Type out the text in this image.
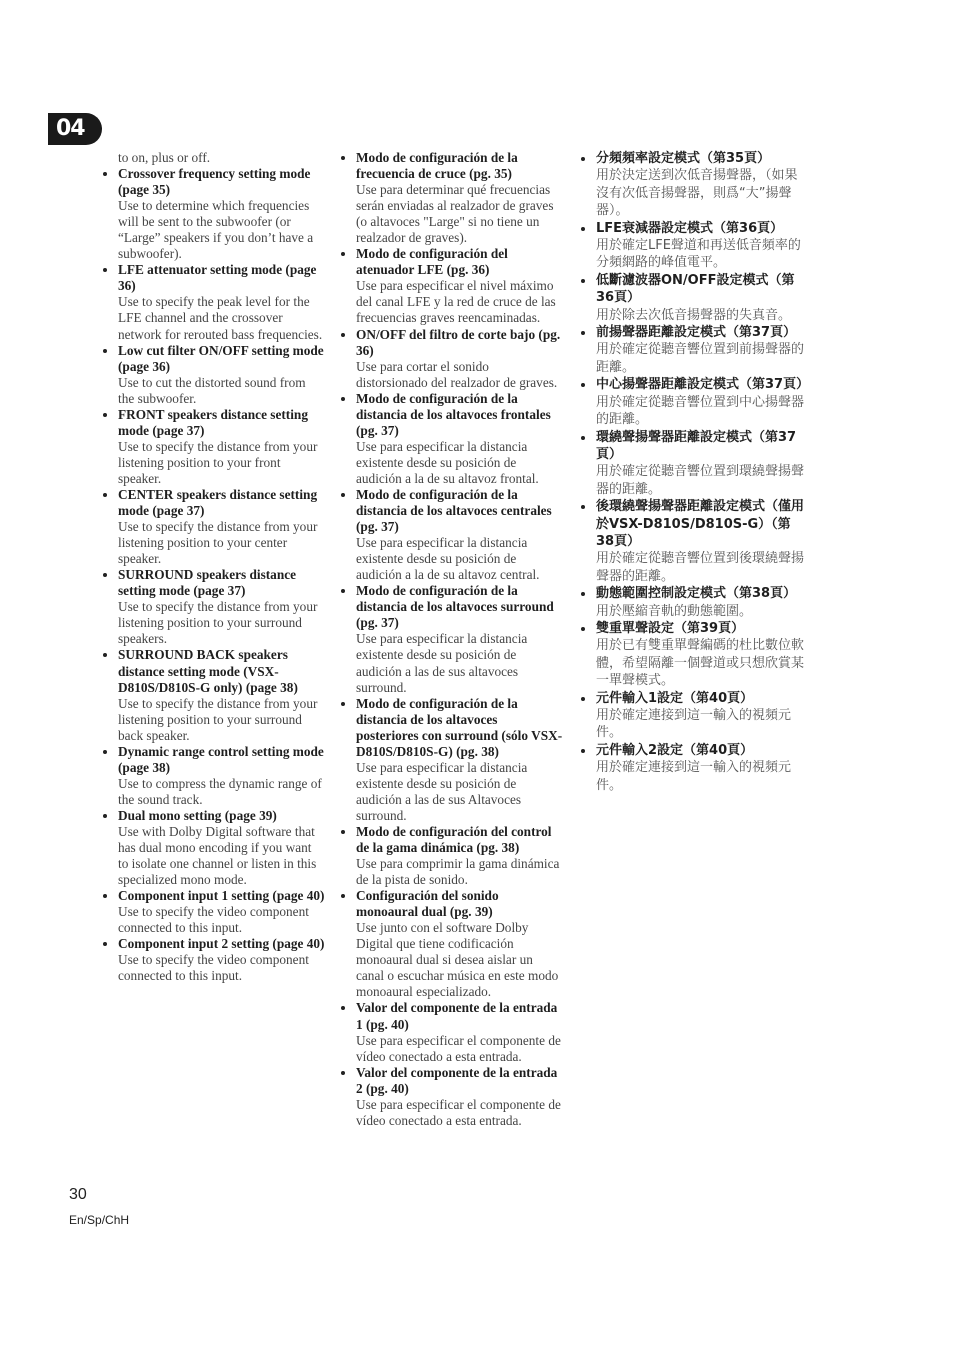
04
to on, plus or off.
Crossover frequency setting mode (page 35)
Use to determine which frequencies will be sent to the subwoofer (or “Large” speakers if you don’t have a subwoofer).
LFE attenuator setting mode (page 36)
Use to specify the peak level for the LFE channel and the crossover network for rerouted bass frequencies.
Low cut filter ON/OFF setting mode (page 36)
Use to cut the distorted sound from the subwoofer.
FRONT speakers distance setting mode (page 37)
Use to specify the distance from your listening position to your front speaker.
CENTER speakers distance setting mode (page 37)
Use to specify the distance from your listening position to your center speaker.
SURROUND speakers distance setting mode (page 37)
Use to specify the distance from your listening position to your surround speakers.
SURROUND BACK speakers distance setting mode (VSX-D810S/D810S-G only) (page 38)
Use to specify the distance from your listening position to your surround back speaker.
Dynamic range control setting mode (page 38)
Use to compress the dynamic range of the sound track.
Dual mono setting (page 39)
Use with Dolby Digital software that has dual mono encoding if you want to isolate one channel or listen in this specialized mono mode.
Component input 1 setting (page 40)
Use to specify the video component connected to this input.
Component input 2 setting (page 40)
Use to specify the video component connected to this input.
Modo de configuración de la frecuencia de cruce (pg. 35)
Use para determinar qué frecuencias serán enviadas al realzador de graves (o altavoces "Large" si no tiene un realzador de graves).
Modo de configuración del atenuador LFE (pg. 36)
Use para especificar el nivel máximo del canal LFE y la red de cruce de las frecuencias graves reencaminadas.
ON/OFF del filtro de corte bajo (pg. 36)
Use para cortar el sonido distorsionado del realzador de graves.
Modo de configuración de la distancia de los altavoces frontales (pg. 37)
Use para especificar la distancia existente desde su posición de audición a la de su altavoz frontal.
Modo de configuración de la distancia de los altavoces centrales (pg. 37)
Use para especificar la distancia existente desde su posición de audición a la de su altavoz central.
Modo de configuración de la distancia de los altavoces surround (pg. 37)
Use para especificar la distancia existente desde su posición de audición a las de sus altavoces surround.
Modo de configuración de la distancia de los altavoces posteriores con surround (sólo VSX-D810S/D810S-G) (pg. 38)
Use para especificar la distancia existente desde su posición de audición a las de sus Altavoces surround.
Modo de configuración del control de la gama dinámica (pg. 38)
Use para comprimir la gama dinámica de la pista de sonido.
Configuración del sonido monoaural dual (pg. 39)
Use junto con el software Dolby Digital que tiene codificación monoaural dual si desea aislar un canal o escuchar música en este modo monoaural especializado.
Valor del componente de la entrada 1 (pg. 40)
Use para especificar el componente de vídeo conectado a esta entrada.
Valor del componente de la entrada 2 (pg. 40)
Use para especificar el componente de vídeo conectado a esta entrada.
分頻頻率設定模式（第35頁）
用於決定送到次低音揚聲器，（如果沒有次低音揚聲器，則爲“大”揚聲器）。
LFE衰減器設定模式（第36頁）
用於確定LFE聲道和再送低音頻率的分頻網路的峰值電平。
低斷濾波器ON/OFF設定模式（第36頁）
用於除去次低音揚聲器的失真音。
前揚聲器距離設定模式（第37頁）
用於確定從聽音響位置到前揚聲器的距離。
中心揚聲器距離設定模式（第37頁）
用於確定從聽音響位置到中心揚聲器的距離。
環繞聲揚聲器距離設定模式（第37頁）
用於確定從聽音響位置到環繞聲揚聲器的距離。
後環繞聲揚聲器距離設定模式（僅用於VSX-D810S/D810S-G）（第38頁）
用於確定從聽音響位置到後環繞聲揚聲器的距離。
動態範圍控制設定模式（第38頁）
用於壓縮音軌的動態範圍。
雙重單聲設定（第39頁）
用於已有雙重單聲編碼的杜比數位軟體，希望隔離一個聲道或只想欣賞某一單聲模式。
元件輸入1設定（第40頁）
用於確定連接到這一輸入的視頻元件。
元件輸入2設定（第40頁）
用於確定連接到這一輸入的視頻元件。
30
En/Sp/ChH
